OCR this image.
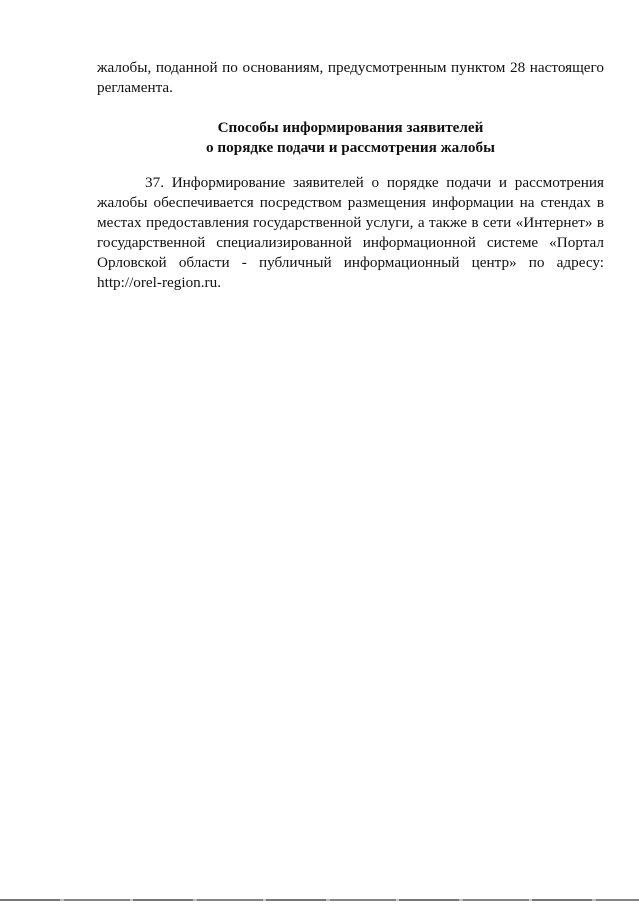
жалобы, поданной по основаниям, предусмотренным пунктом 28 настоящего регламента.

Способы информирования заявителей
о порядке подачи и рассмотрения жалобы

37. Информирование заявителей о порядке подачи и рассмотрения жалобы обеспечивается посредством размещения информации на стендах в местах предоставления государственной услуги, а также в сети «Интернет» в государственной специализированной информационной системе «Портал Орловской области - публичный информационный центр» по адресу: http://orel-region.ru.
